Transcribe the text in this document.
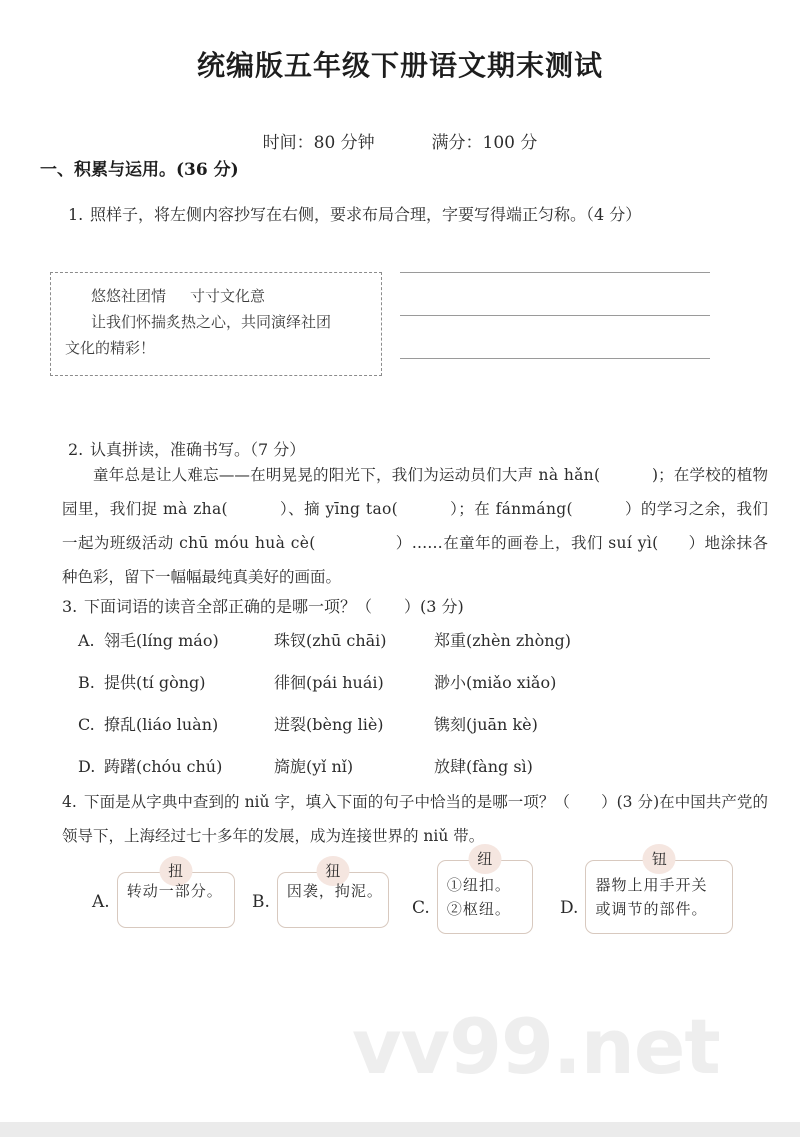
vv99.net
统编版五年级下册语文期末测试
时间：80 分钟	满分：100 分
一、积累与运用。(36 分)
1. 照样子，将左侧内容抄写在右侧，要求布局合理，字要写得端正匀称。（4 分）
悠悠社团情 寸寸文化意
让我们怀揣炙热之心，共同演绎社团
文化的精彩！
2. 认真拼读，准确书写。（7 分）
童年总是让人难忘——在明晃晃的阳光下，我们为运动员们大声 nà hǎn(	)；在学校的植物园里，我们捉 mà zha(	）、摘 yīng tao(	）；在 fánmáng(	）的学习之余，我们一起为班级活动 chū móu huà cè(	）……在童年的画卷上，我们 suí yì( ）地涂抹各种色彩，留下一幅幅最纯真美好的画面。
3. 下面词语的读音全部正确的是哪一项？（　　）(3 分)
A. 翎毛(líng máo)	珠钗(zhū chāi)	郑重(zhèn zhòng)
B. 提供(tí gòng)	徘徊(pái huái)	渺小(miǎo xiǎo)
C. 撩乱(liáo luàn)	迸裂(bèng liè)	镌刻(juān kè)
D. 踌躇(chóu chú)	旖旎(yǐ nǐ)	放肆(fàng sì)
4. 下面是从字典中查到的 niǔ 字，填入下面的句子中恰当的是哪一项？（　　）(3 分)在中国共产党的领导下，上海经过七十多年的发展，成为连接世界的 niǔ 带。
A.
扭
转动一部分。
B.
狃
因袭，拘泥。
C.
纽
①纽扣。
②枢纽。	D.
钮
器物上用手开关
或调节的部件。
